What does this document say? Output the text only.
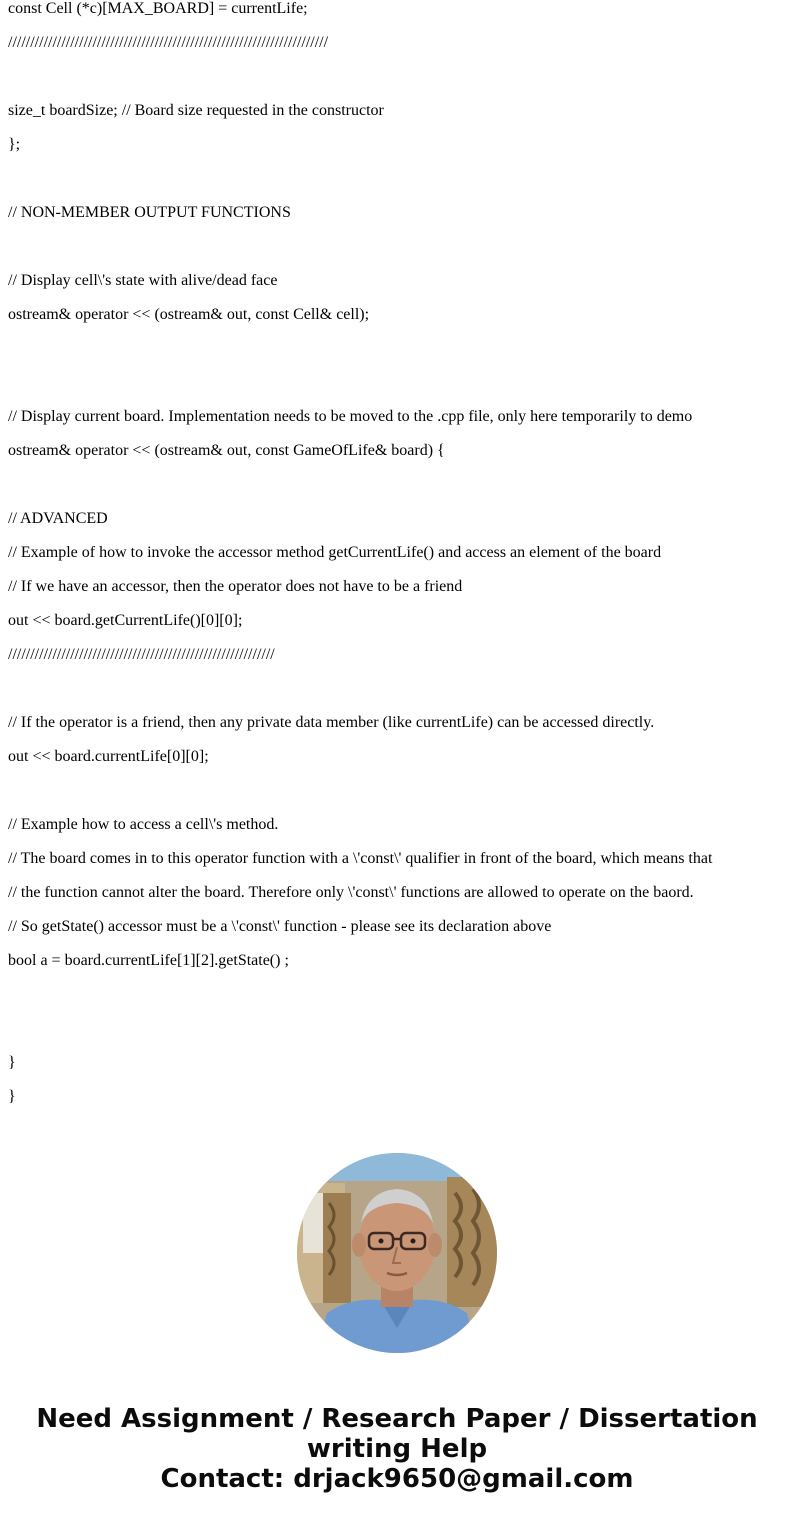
const Cell (*c)[MAX_BOARD] = currentLife;
////////////////////////////////////////////////////////////////////////
size_t boardSize; // Board size requested in the constructor
};
// NON-MEMBER OUTPUT FUNCTIONS
// Display cell\'s state with alive/dead face
ostream& operator << (ostream& out, const Cell& cell);
// Display current board. Implementation needs to be moved to the .cpp file, only here temporarily to demo
ostream& operator << (ostream& out, const GameOfLife& board) {
// ADVANCED
// Example of how to invoke the accessor method getCurrentLife() and access an element of the board
// If we have an accessor, then the operator does not have to be a friend
out << board.getCurrentLife()[0][0];
////////////////////////////////////////////////////////////
// If the operator is a friend, then any private data member (like currentLife) can be accessed directly.
out << board.currentLife[0][0];
// Example how to access a cell\'s method.
// The board comes in to this operator function with a \'const\' qualifier in front of the board, which means that
// the function cannot alter the board. Therefore only \'const\' functions are allowed to operate on the baord.
// So getState() accessor must be a \'const\' function - please see its declaration above
bool a = board.currentLife[1][2].getState() ;
}
}
Need Assignment / Research Paper / Dissertation
writing Help
Contact: drjack9650@gmail.com
